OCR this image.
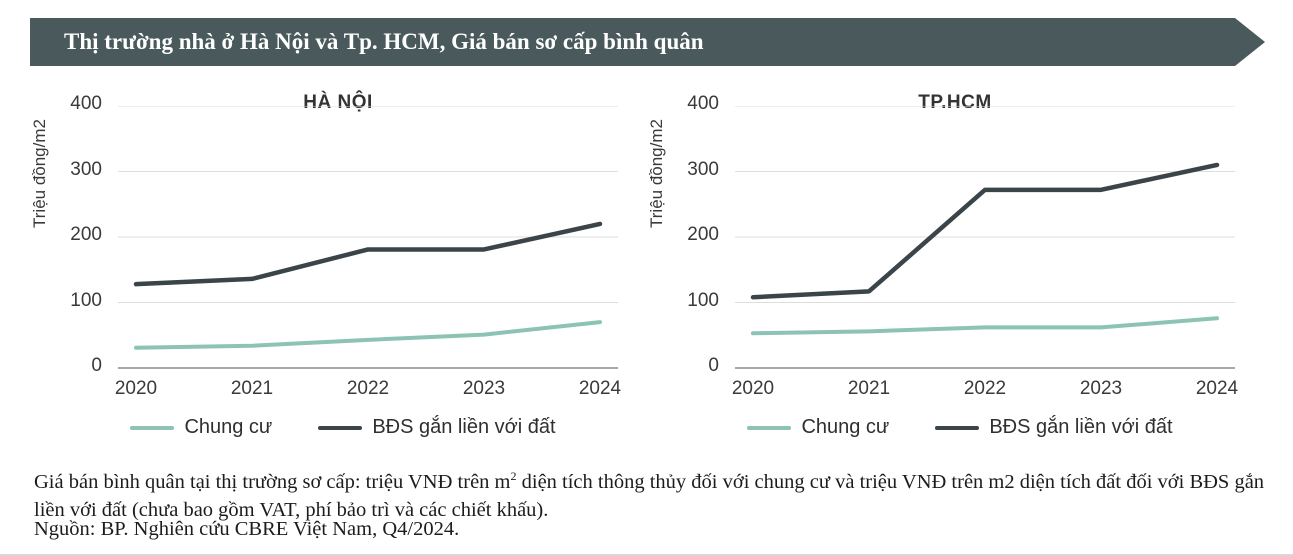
Thị trường nhà ở Hà Nội và Tp. HCM, Giá bán sơ cấp bình quân
HÀ NỘI
Triệu đồng/m2
Chung cư	BĐS gắn liền với đất
0
100
200
300
400
2020	2021	2022	2023	2024
TP.HCM
Triệu đồng/m2
Chung cư	BĐS gắn liền với đất
0
100
200
300
400
2020	2021	2022	2023	2024
Giá bán bình quân tại thị trường sơ cấp: triệu VNĐ trên $m^2$ diện tích thông thủy đối với chung cư và triệu VNĐ trên m2 diện tích đất đối với BĐS gắn liền với đất (chưa bao gồm VAT, phí bảo trì và các chiết khấu).
Nguồn: BP. Nghiên cứu CBRE Việt Nam, Q4/2024.
